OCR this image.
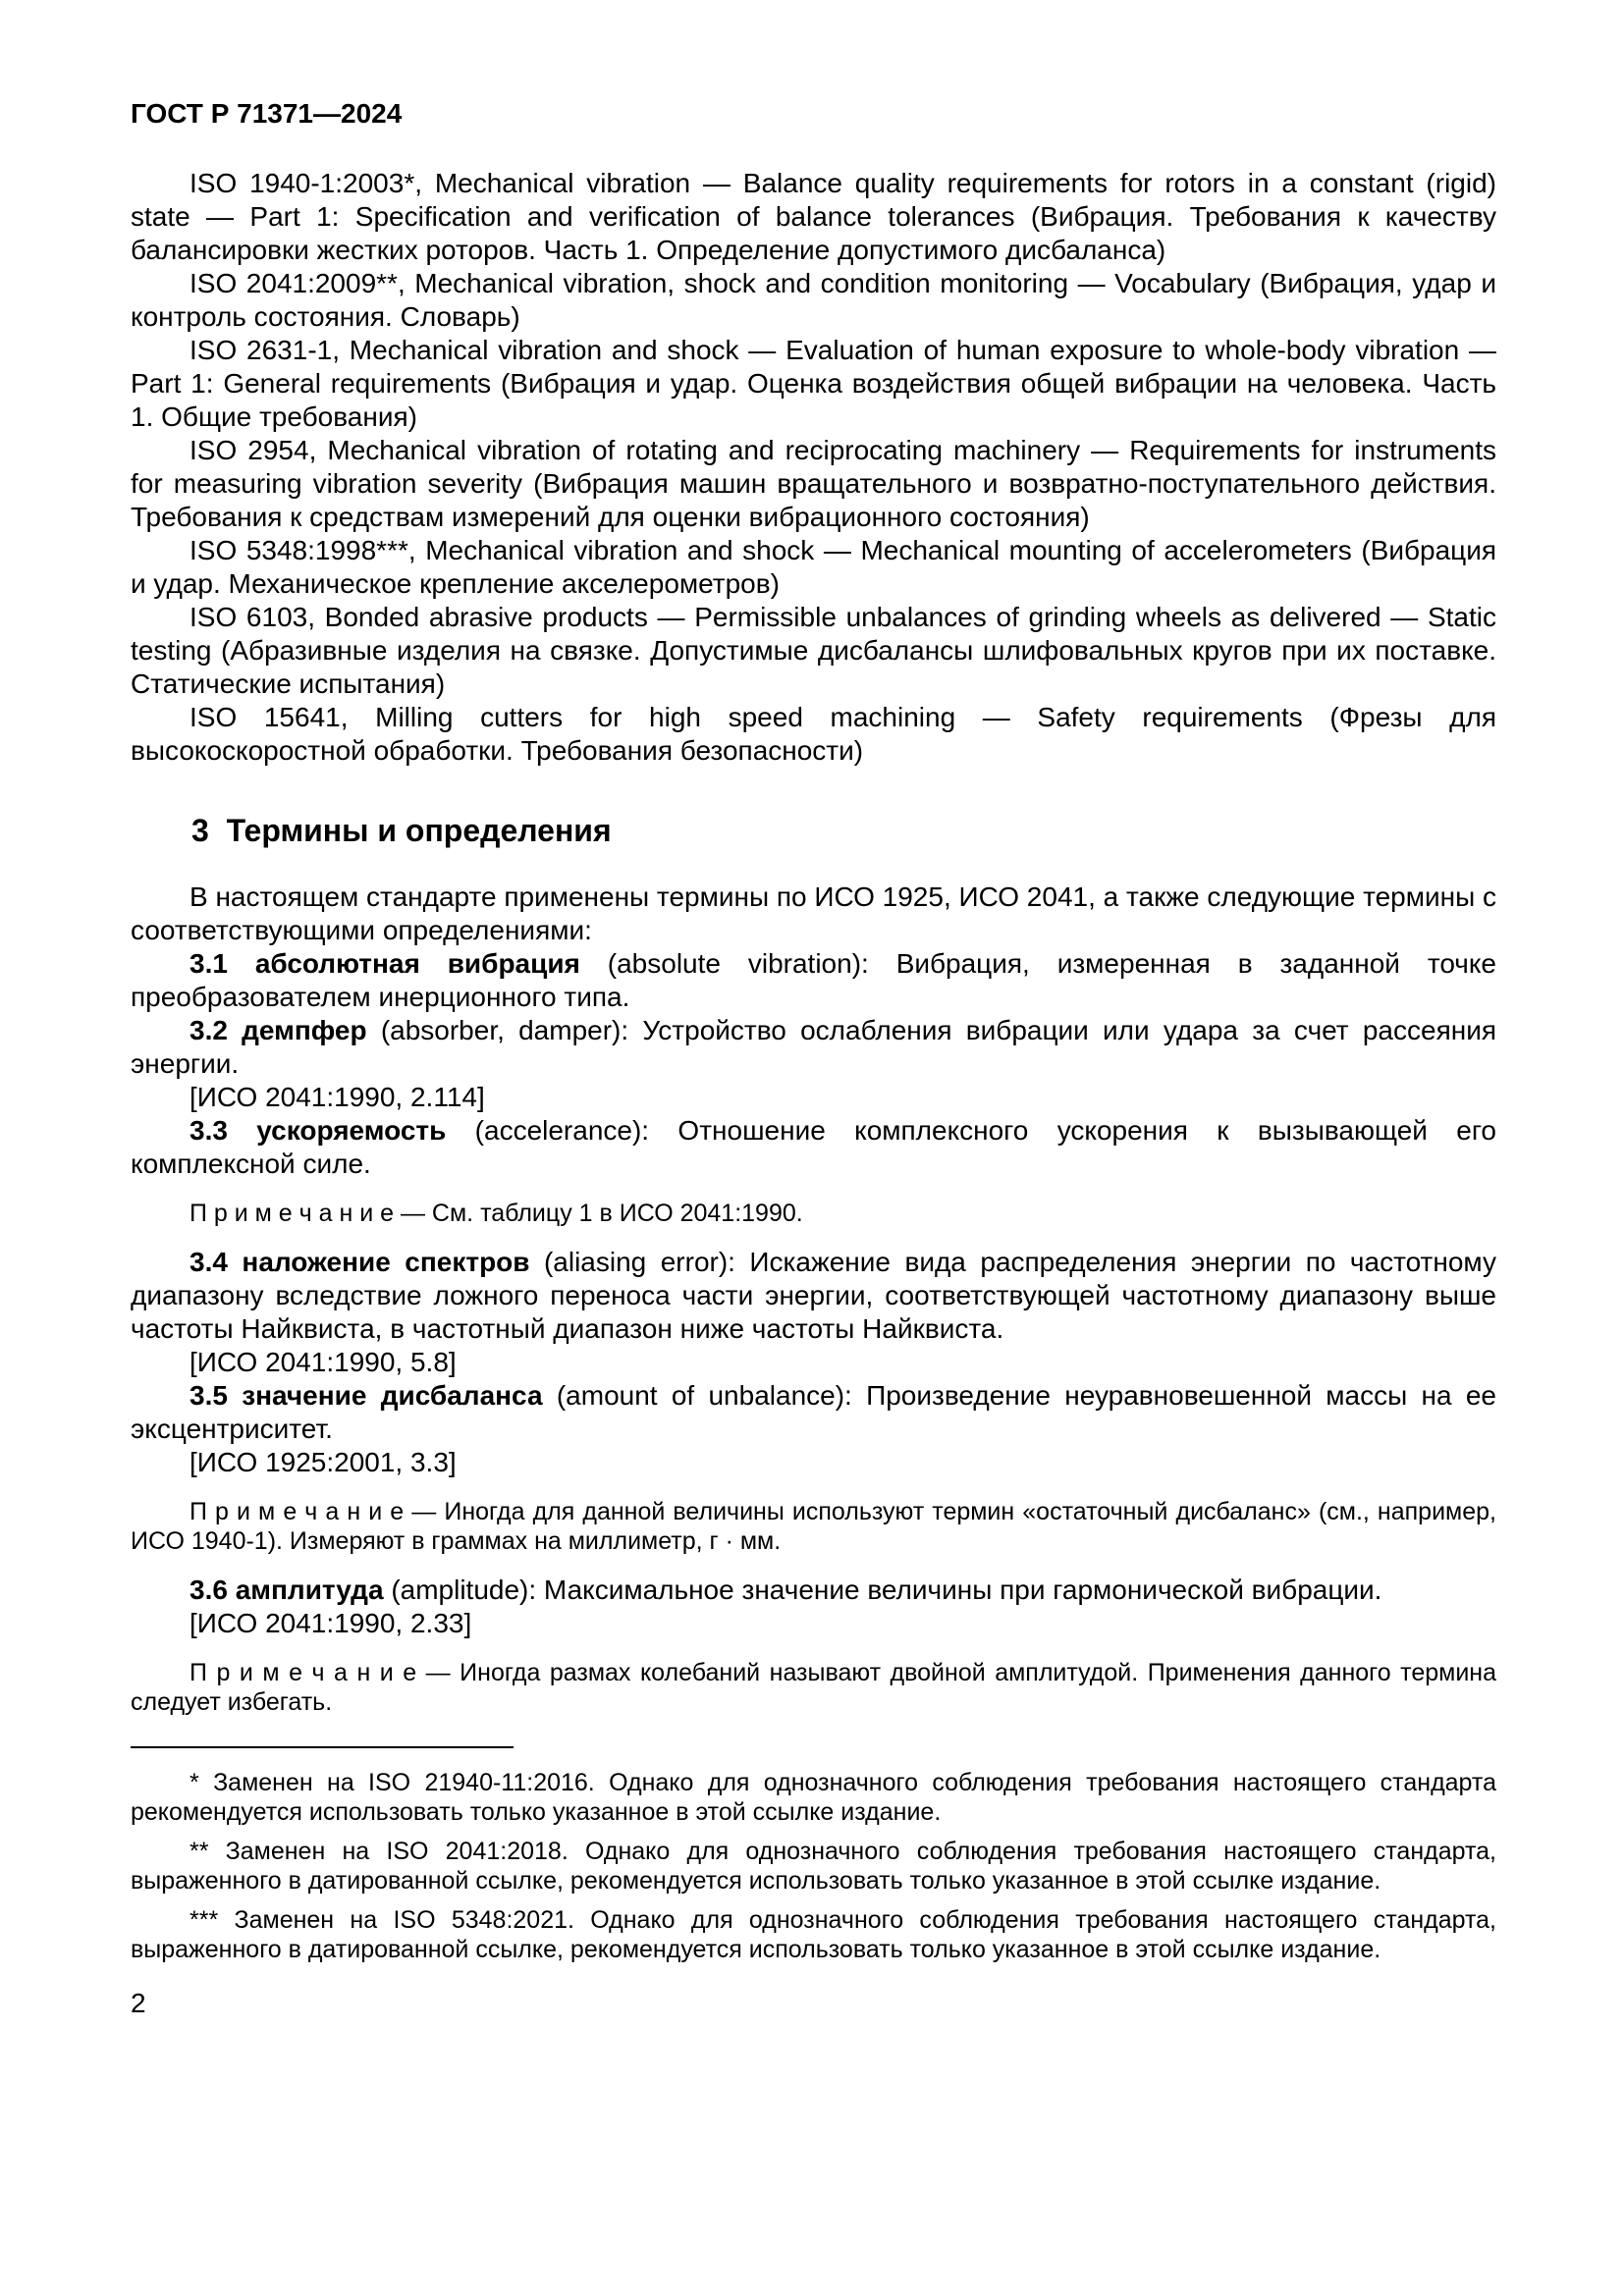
ГОСТ Р 71371—2024

ISO 1940-1:2003*, Mechanical vibration — Balance quality requirements for rotors in a constant (rigid) state — Part 1: Specification and verification of balance tolerances (Вибрация. Требования к качеству балансировки жестких роторов. Часть 1. Определение допустимого дисбаланса)

ISO 2041:2009**, Mechanical vibration, shock and condition monitoring — Vocabulary (Вибрация, удар и контроль состояния. Словарь)

ISO 2631-1, Mechanical vibration and shock — Evaluation of human exposure to whole-body vibration — Part 1: General requirements (Вибрация и удар. Оценка воздействия общей вибрации на человека. Часть 1. Общие требования)

ISO 2954, Mechanical vibration of rotating and reciprocating machinery — Requirements for instruments for measuring vibration severity (Вибрация машин вращательного и возвратно-поступательного действия. Требования к средствам измерений для оценки вибрационного состояния)

ISO 5348:1998***, Mechanical vibration and shock — Mechanical mounting of accelerometers (Вибрация и удар. Механическое крепление акселерометров)

ISO 6103, Bonded abrasive products — Permissible unbalances of grinding wheels as delivered — Static testing (Абразивные изделия на связке. Допустимые дисбалансы шлифовальных кругов при их поставке. Статические испытания)

ISO 15641, Milling cutters for high speed machining — Safety requirements (Фрезы для высокоскоростной обработки. Требования безопасности)

3  Термины и определения

В настоящем стандарте применены термины по ИСО 1925, ИСО 2041, а также следующие термины с соответствующими определениями:

3.1 абсолютная вибрация (absolute vibration): Вибрация, измеренная в заданной точке преобразователем инерционного типа.

3.2 демпфер (absorber, damper): Устройство ослабления вибрации или удара за счет рассеяния энергии.

[ИСО 2041:1990, 2.114]

3.3 ускоряемость (accelerance): Отношение комплексного ускорения к вызывающей его комплексной силе.

П р и м е ч а н и е — См. таблицу 1 в ИСО 2041:1990.

3.4 наложение спектров (aliasing error): Искажение вида распределения энергии по частотному диапазону вследствие ложного переноса части энергии, соответствующей частотному диапазону выше частоты Найквиста, в частотный диапазон ниже частоты Найквиста.

[ИСО 2041:1990, 5.8]

3.5 значение дисбаланса (amount of unbalance): Произведение неуравновешенной массы на ее эксцентриситет.

[ИСО 1925:2001, 3.3]

П р и м е ч а н и е — Иногда для данной величины используют термин «остаточный дисбаланс» (см., например, ИСО 1940-1). Измеряют в граммах на миллиметр, г · мм.

3.6 амплитуда (amplitude): Максимальное значение величины при гармонической вибрации.

[ИСО 2041:1990, 2.33]

П р и м е ч а н и е — Иногда размах колебаний называют двойной амплитудой. Применения данного термина следует избегать.

* Заменен на ISO 21940-11:2016. Однако для однозначного соблюдения требования настоящего стандарта рекомендуется использовать только указанное в этой ссылке издание.

** Заменен на ISO 2041:2018. Однако для однозначного соблюдения требования настоящего стандарта, выраженного в датированной ссылке, рекомендуется использовать только указанное в этой ссылке издание.

*** Заменен на ISO 5348:2021. Однако для однозначного соблюдения требования настоящего стандарта, выраженного в датированной ссылке, рекомендуется использовать только указанное в этой ссылке издание.

2
